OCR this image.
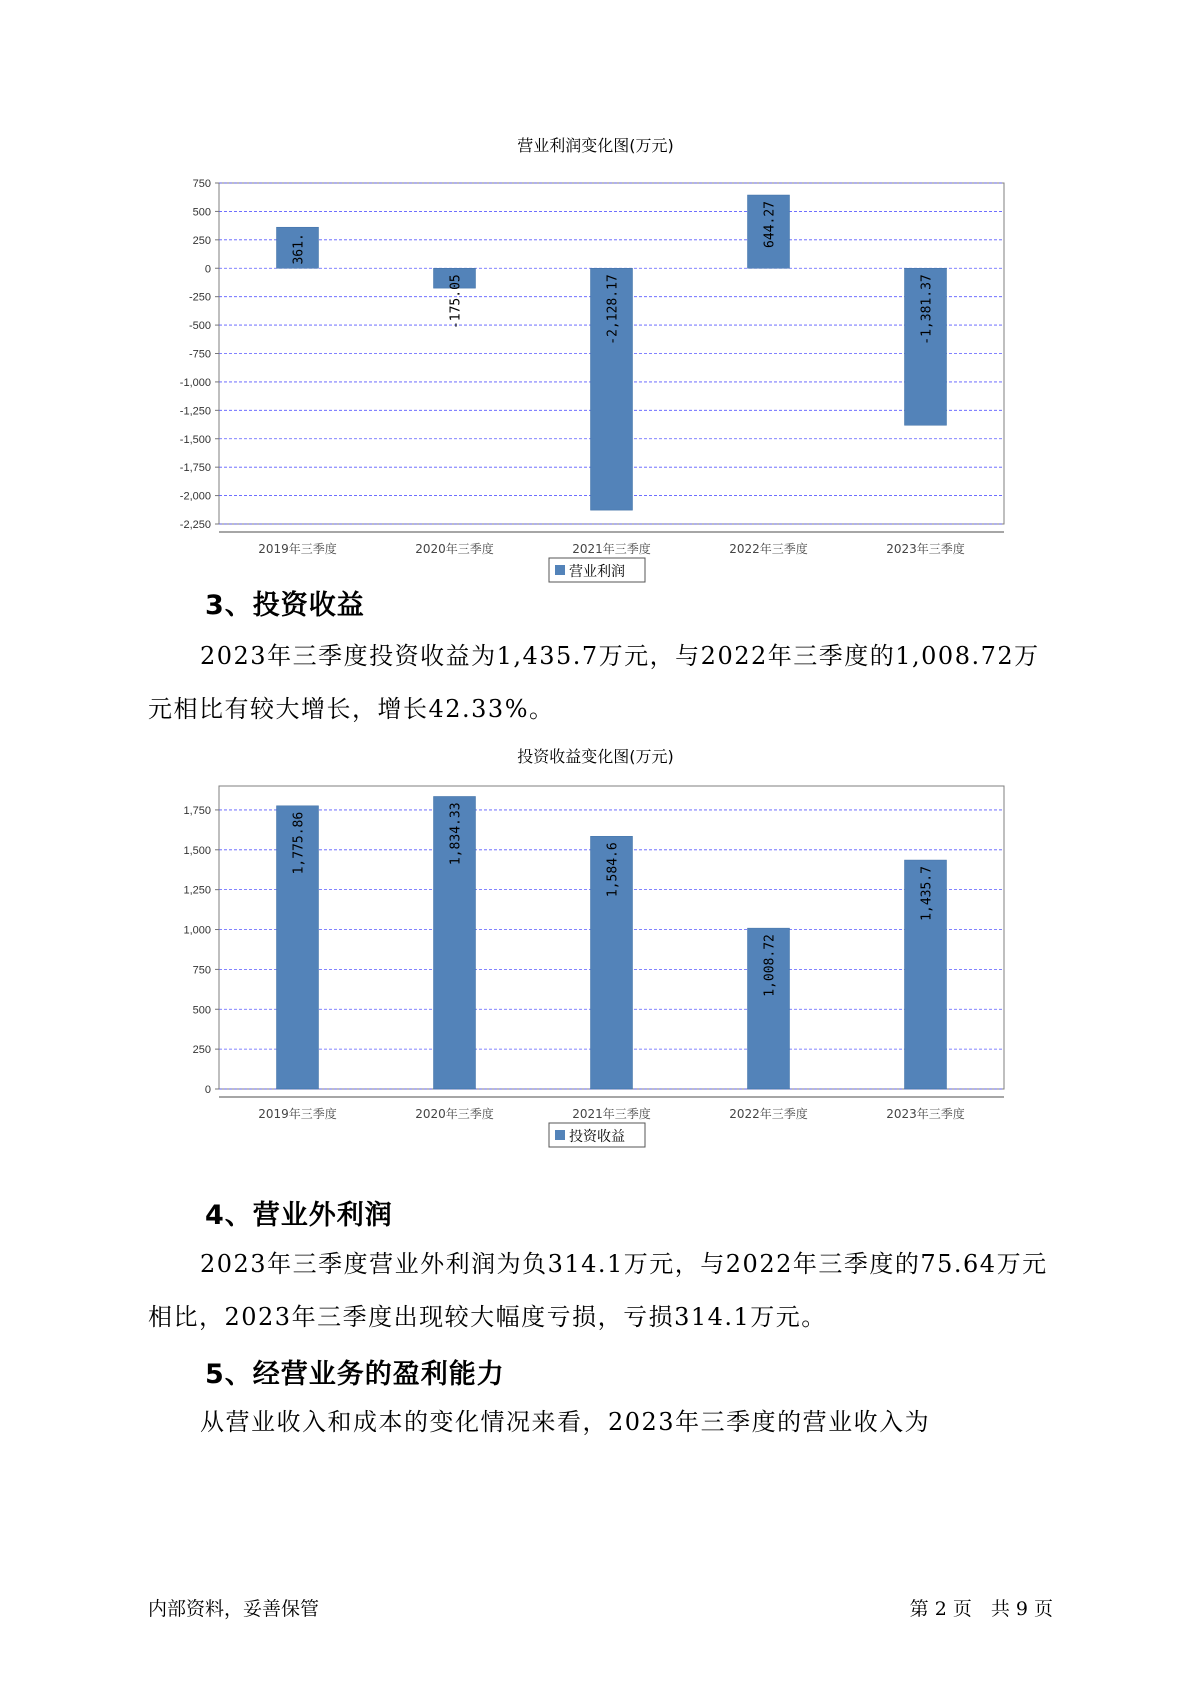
营业利润变化图(万元)
750
500
250
0
-250
-500
-750
-1,000
-1,250
-1,500
-1,750
-2,000
-2,250
361.
2019年三季度
-175.05
2020年三季度
-2,128.17
2021年三季度
644.27
2022年三季度
-1,381.37
2023年三季度
营业利润
3、投资收益

2023年三季度投资收益为1,435.7万元，与2022年三季度的1,008.72万元相比有较大增长，增长42.33%。

投资收益变化图(万元)
1,750
1,500
1,250
1,000
750
500
250
0
1,775.86
2019年三季度
1,834.33
2020年三季度
1,584.6
2021年三季度
1,008.72
2022年三季度
1,435.7
2023年三季度
投资收益
4、营业外利润

2023年三季度营业外利润为负314.1万元，与2022年三季度的75.64万元相比，2023年三季度出现较大幅度亏损，亏损314.1万元。

5、经营业务的盈利能力

从营业收入和成本的变化情况来看，2023年三季度的营业收入为

内部资料，妥善保管	第 2 页　共 9 页
